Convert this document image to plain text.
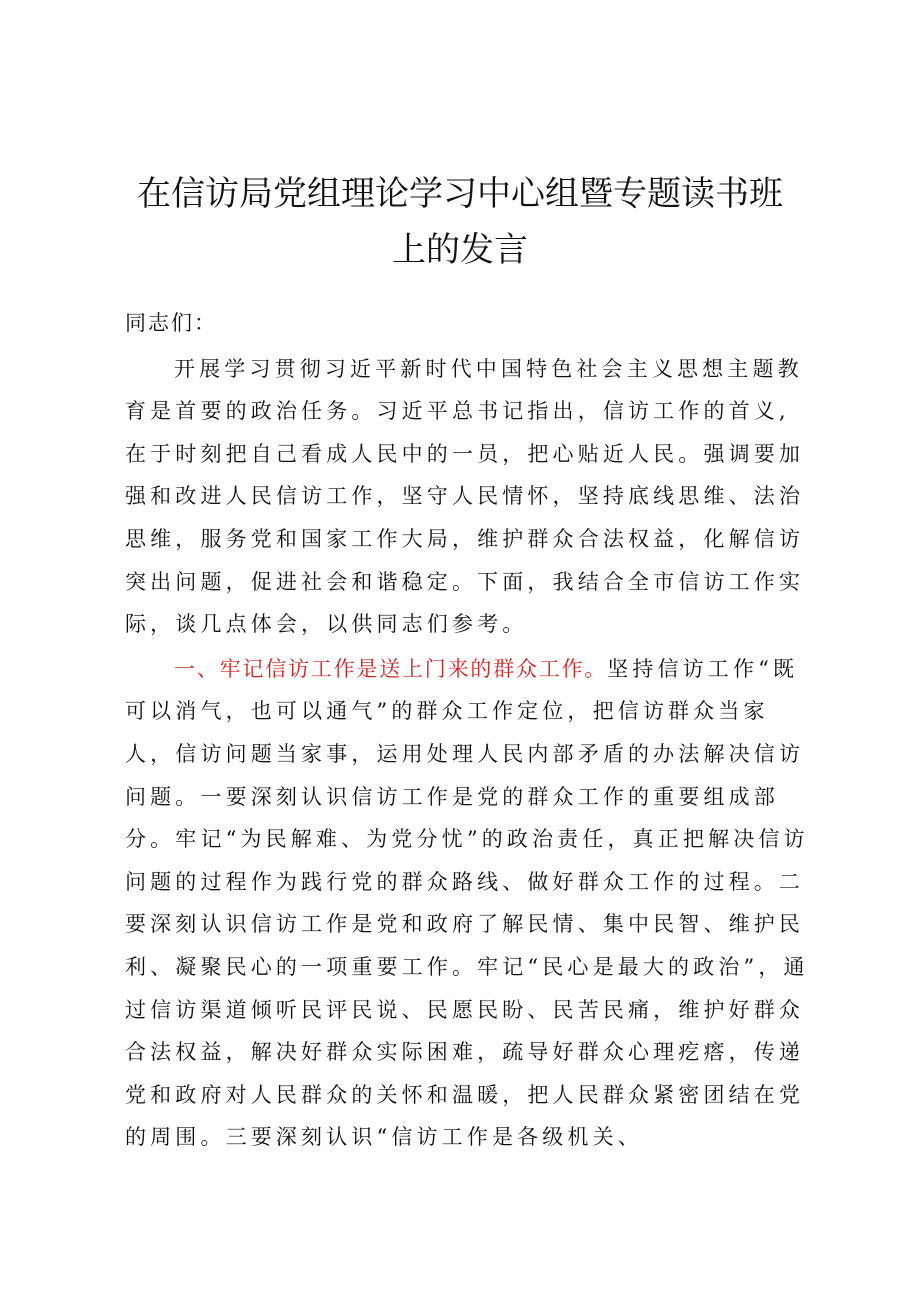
在信访局党组理论学习中心组暨专题读书班
上的发言

同志们：

开展学习贯彻习近平新时代中国特色社会主义思想主题教育是首要的政治任务。习近平总书记指出，信访工作的首义,在于时刻把自己看成人民中的一员，把心贴近人民。强调要加强和改进人民信访工作，坚守人民情怀，坚持底线思维、法治思维，服务党和国家工作大局，维护群众合法权益，化解信访突出问题，促进社会和谐稳定。下面，我结合全市信访工作实际，谈几点体会，以供同志们参考。

一、牢记信访工作是送上门来的群众工作。坚持信访工作“既可以消气，也可以通气”的群众工作定位，把信访群众当家人，信访问题当家事，运用处理人民内部矛盾的办法解决信访问题。一要深刻认识信访工作是党的群众工作的重要组成部分。牢记“为民解难、为党分忧”的政治责任，真正把解决信访问题的过程作为践行党的群众路线、做好群众工作的过程。二要深刻认识信访工作是党和政府了解民情、集中民智、维护民利、凝聚民心的一项重要工作。牢记“民心是最大的政治”，通过信访渠道倾听民评民说、民愿民盼、民苦民痛，维护好群众合法权益，解决好群众实际困难，疏导好群众心理疙瘩，传递党和政府对人民群众的关怀和温暖，把人民群众紧密团结在党的周围。三要深刻认识“信访工作是各级机关、
